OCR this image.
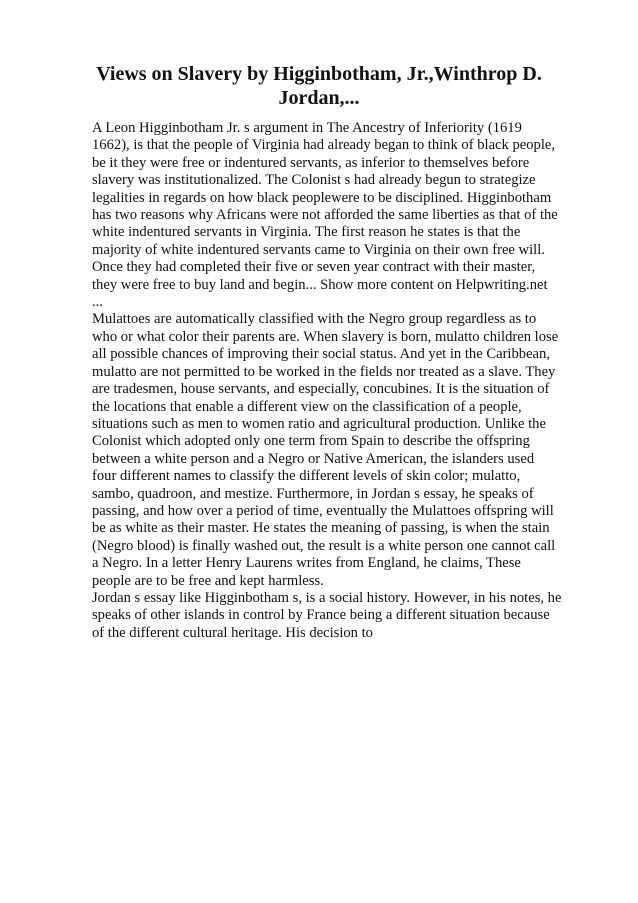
Views on Slavery by Higginbotham, Jr.,Winthrop D. Jordan,...

A Leon Higginbotham Jr. s argument in The Ancestry of Inferiority (1619 1662), is that the people of Virginia had already began to think of black people, be it they were free or indentured servants, as inferior to themselves before slavery was institutionalized. The Colonist s had already begun to strategize legalities in regards on how black peoplewere to be disciplined. Higginbotham has two reasons why Africans were not afforded the same liberties as that of the white indentured servants in Virginia. The first reason he states is that the majority of white indentured servants came to Virginia on their own free will. Once they had completed their five or seven year contract with their master, they were free to buy land and begin... Show more content on Helpwriting.net ...

Mulattoes are automatically classified with the Negro group regardless as to who or what color their parents are. When slavery is born, mulatto children lose all possible chances of improving their social status. And yet in the Caribbean, mulatto are not permitted to be worked in the fields nor treated as a slave. They are tradesmen, house servants, and especially, concubines. It is the situation of the locations that enable a different view on the classification of a people, situations such as men to women ratio and agricultural production. Unlike the Colonist which adopted only one term from Spain to describe the offspring between a white person and a Negro or Native American, the islanders used four different names to classify the different levels of skin color; mulatto, sambo, quadroon, and mestize. Furthermore, in Jordan s essay, he speaks of passing, and how over a period of time, eventually the Mulattoes offspring will be as white as their master. He states the meaning of passing, is when the stain (Negro blood) is finally washed out, the result is a white person one cannot call a Negro. In a letter Henry Laurens writes from England, he claims, These people are to be free and kept harmless.

Jordan s essay like Higginbotham s, is a social history. However, in his notes, he speaks of other islands in control by France being a different situation because of the different cultural heritage. His decision to
